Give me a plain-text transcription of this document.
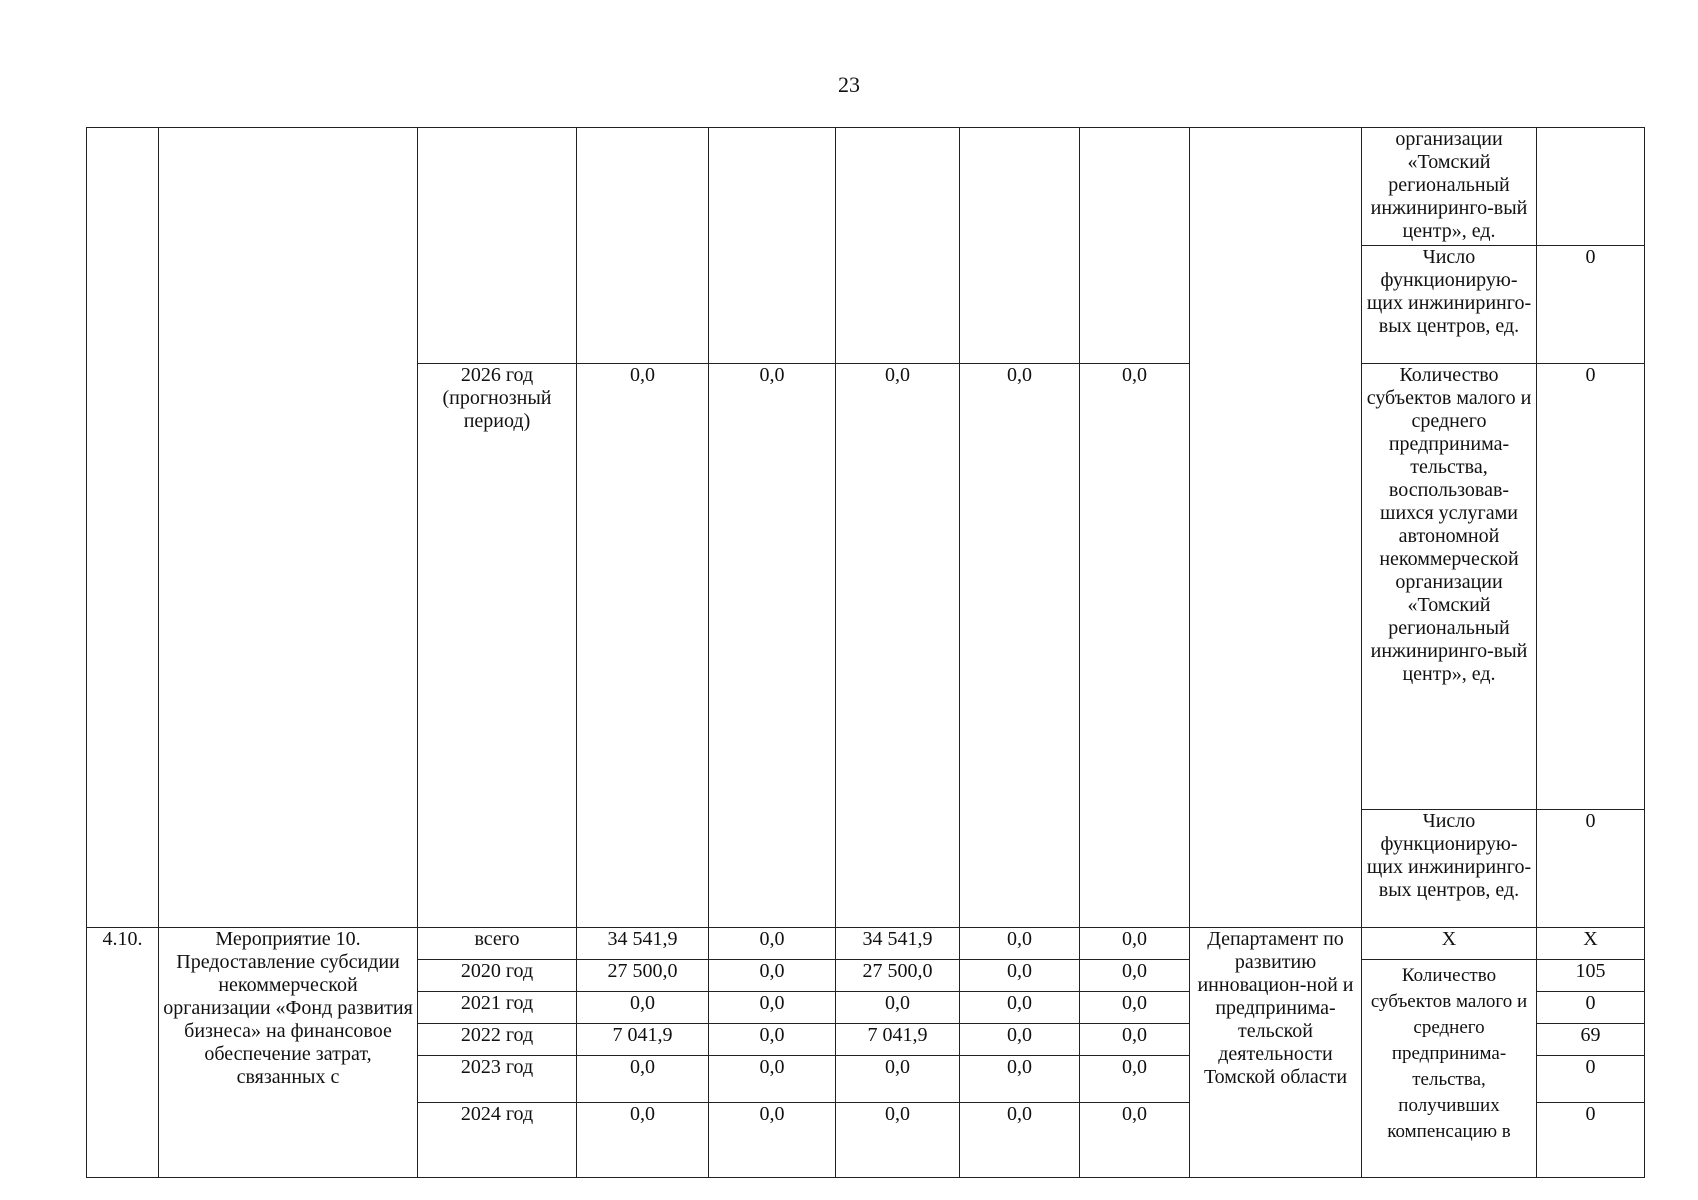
23
									организации «Томский региональный инжиниринго-вый центр», ед.	
									Число функционирую-щих инжиниринго-вых центров, ед.	0
		2026 год (прогнозный период)	0,0	0,0	0,0	0,0	0,0		Количество субъектов малого и среднего предпринима-тельства, воспользовав-шихся услугами автономной некоммерческой организации «Томский региональный инжиниринго-вый центр», ед.	0
									Число функционирую-щих инжиниринго-вых центров, ед.	0
4.10.	Мероприятие 10. Предоставление субсидии некоммерческой организации «Фонд развития бизнеса» на финансовое обеспечение затрат, связанных с	всего	34 541,9	0,0	34 541,9	0,0	0,0	Департамент по развитию инновацион-ной и предпринима-тельской деятельности Томской области	X	X
		2020 год	27 500,0	0,0	27 500,0	0,0	0,0		Количество субъектов малого и среднего предпринима-тельства, получивших компенсацию в	105
		2021 год	0,0	0,0	0,0	0,0	0,0			0
		2022 год	7 041,9	0,0	7 041,9	0,0	0,0			69
		2023 год	0,0	0,0	0,0	0,0	0,0			0
		2024 год	0,0	0,0	0,0	0,0	0,0			0
